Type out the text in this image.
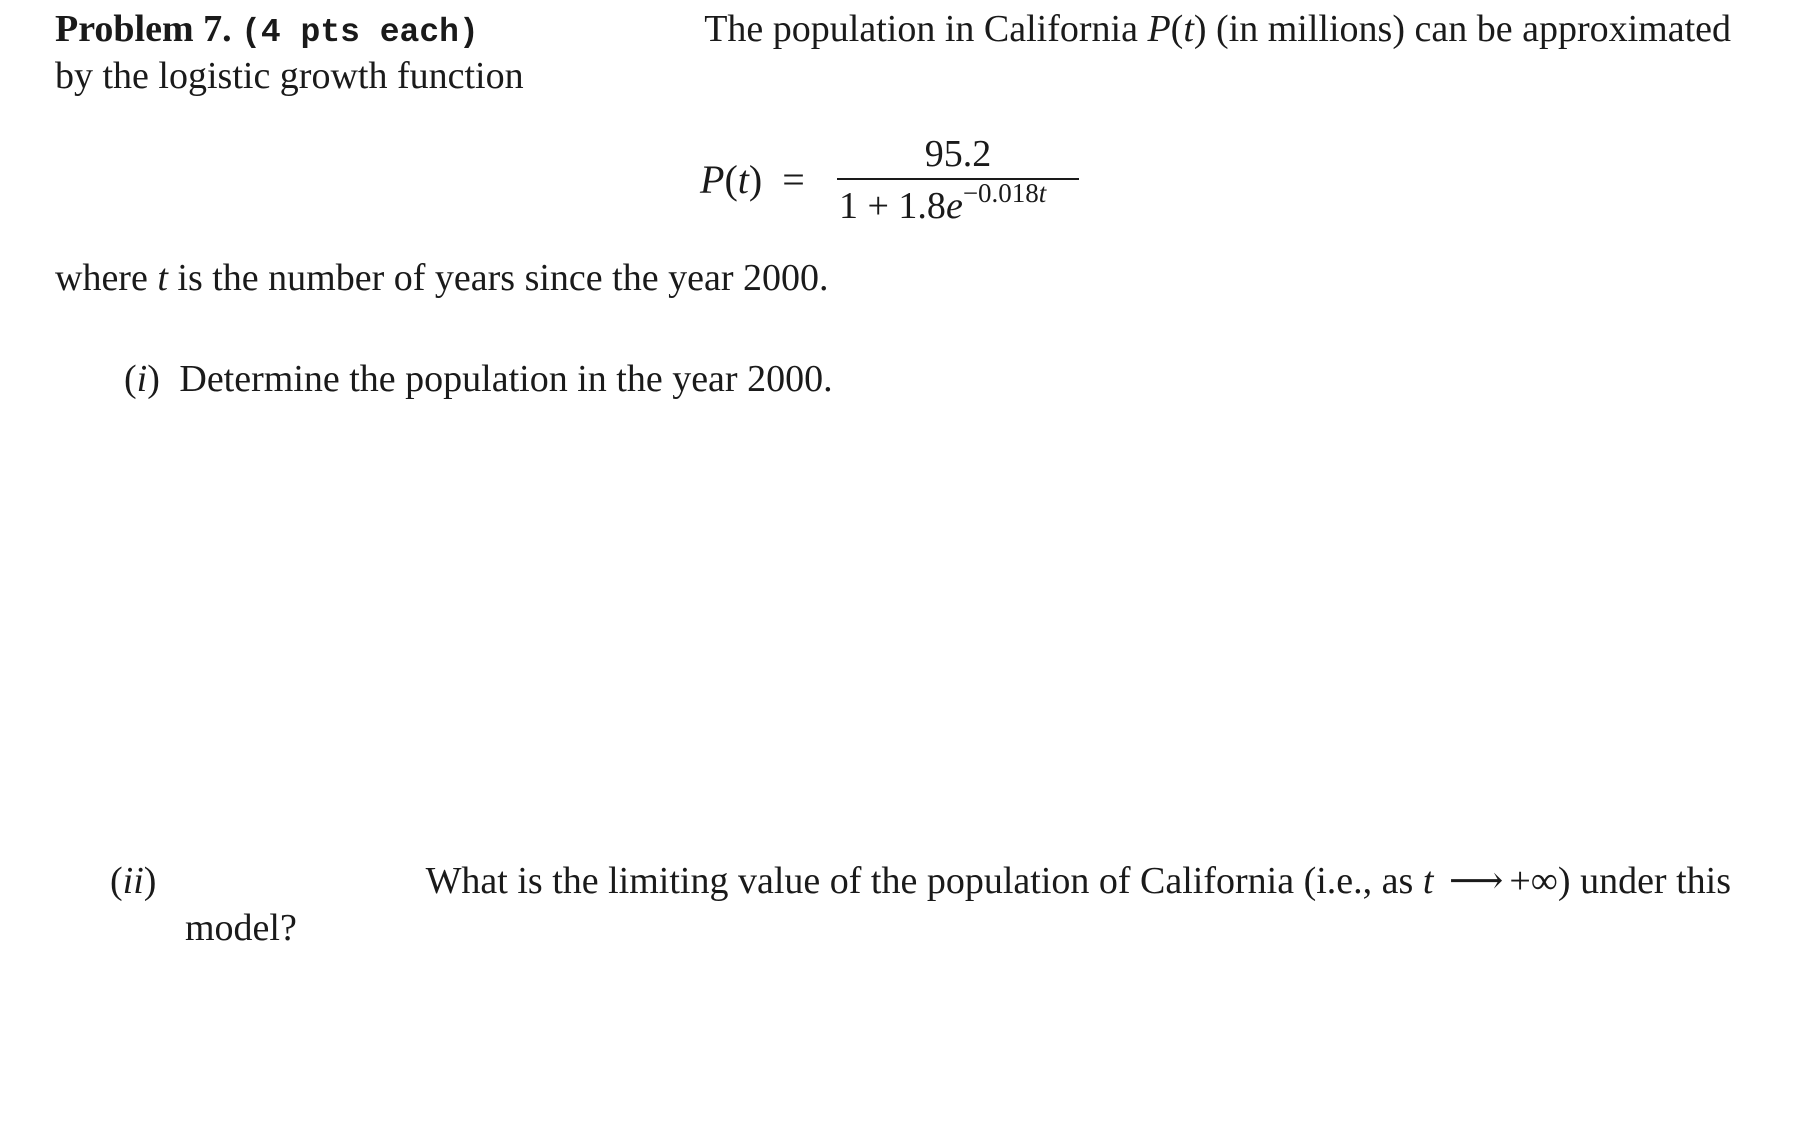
Problem 7. (4 pts each)	The population in California P(t) (in millions) can be approximated
by the logistic growth function
P(t) =
95.2
$1 + 1.8e^{-0.018t}$
where t is the number of years since the year 2000.
(i) Determine the population in the year 2000.
(ii)	What is the limiting value of the population of California (i.e., as t ⟶ +∞) under this
model?
